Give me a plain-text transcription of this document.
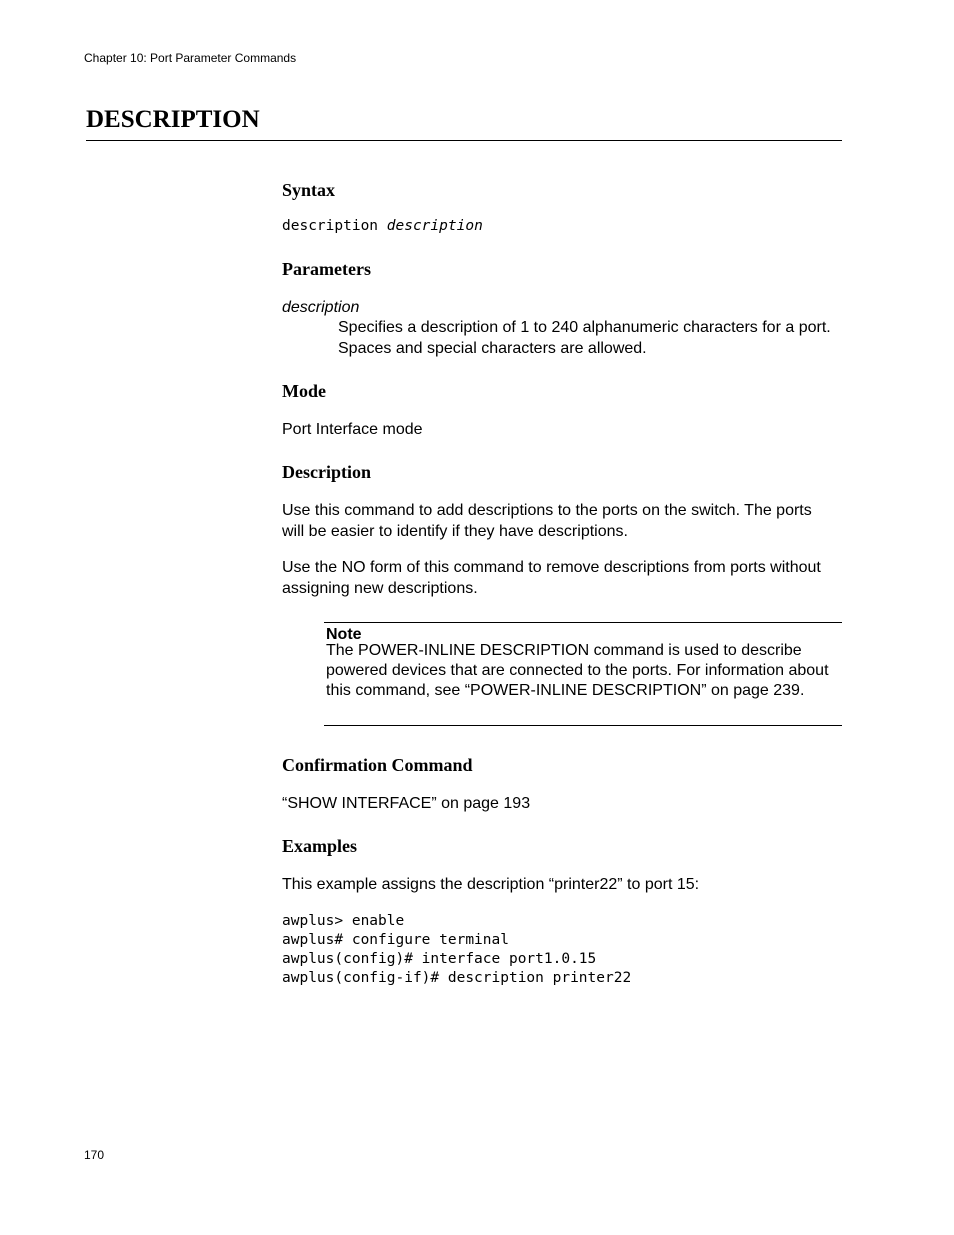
Chapter 10: Port Parameter Commands
DESCRIPTION
Syntax
description description
Parameters
description
Specifies a description of 1 to 240 alphanumeric characters for a port. Spaces and special characters are allowed.
Mode
Port Interface mode
Description
Use this command to add descriptions to the ports on the switch. The ports will be easier to identify if they have descriptions.
Use the NO form of this command to remove descriptions from ports without assigning new descriptions.
Note
The POWER-INLINE DESCRIPTION command is used to describe powered devices that are connected to the ports. For information about this command, see “POWER-INLINE DESCRIPTION” on page 239.
Confirmation Command
“SHOW INTERFACE” on page 193
Examples
This example assigns the description “printer22” to port 15:
awplus> enable
awplus# configure terminal
awplus(config)# interface port1.0.15
awplus(config-if)# description printer22
170
